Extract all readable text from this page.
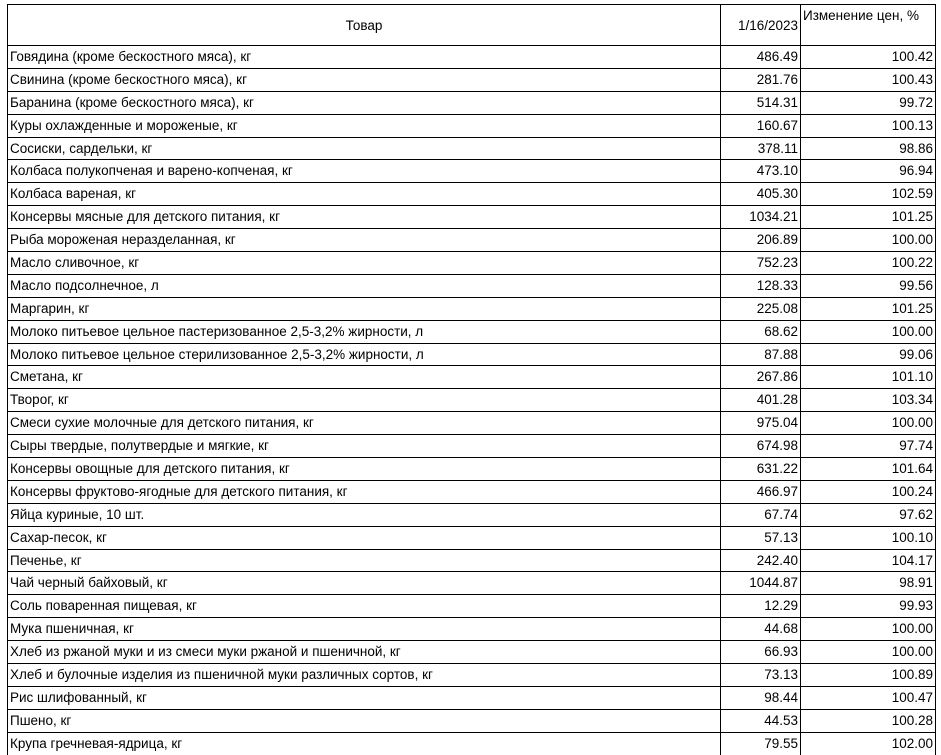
Товар	1/16/2023	Изменение цен, %
Говядина (кроме бескостного мяса), кг	486.49	100.42
Свинина (кроме бескостного мяса), кг	281.76	100.43
Баранина (кроме бескостного мяса), кг	514.31	99.72
Куры охлажденные и мороженые, кг	160.67	100.13
Сосиски, сардельки, кг	378.11	98.86
Колбаса полукопченая и варено-копченая, кг	473.10	96.94
Колбаса вареная, кг	405.30	102.59
Консервы мясные для детского питания, кг	1034.21	101.25
Рыба мороженая неразделанная, кг	206.89	100.00
Масло сливочное, кг	752.23	100.22
Масло подсолнечное, л	128.33	99.56
Маргарин, кг	225.08	101.25
Молоко питьевое цельное пастеризованное 2,5-3,2% жирности, л	68.62	100.00
Молоко питьевое цельное стерилизованное 2,5-3,2% жирности, л	87.88	99.06
Сметана, кг	267.86	101.10
Творог, кг	401.28	103.34
Смеси сухие молочные для детского питания, кг	975.04	100.00
Сыры твердые, полутвердые и мягкие, кг	674.98	97.74
Консервы овощные для детского питания, кг	631.22	101.64
Консервы фруктово-ягодные для детского питания, кг	466.97	100.24
Яйца куриные, 10 шт.	67.74	97.62
Сахар-песок, кг	57.13	100.10
Печенье, кг	242.40	104.17
Чай черный байховый, кг	1044.87	98.91
Соль поваренная пищевая, кг	12.29	99.93
Мука пшеничная, кг	44.68	100.00
Хлеб из ржаной муки и из смеси муки ржаной и пшеничной, кг	66.93	100.00
Хлеб и булочные изделия из пшеничной муки различных сортов, кг	73.13	100.89
Рис шлифованный, кг	98.44	100.47
Пшено, кг	44.53	100.28
Крупа гречневая-ядрица, кг	79.55	102.00
